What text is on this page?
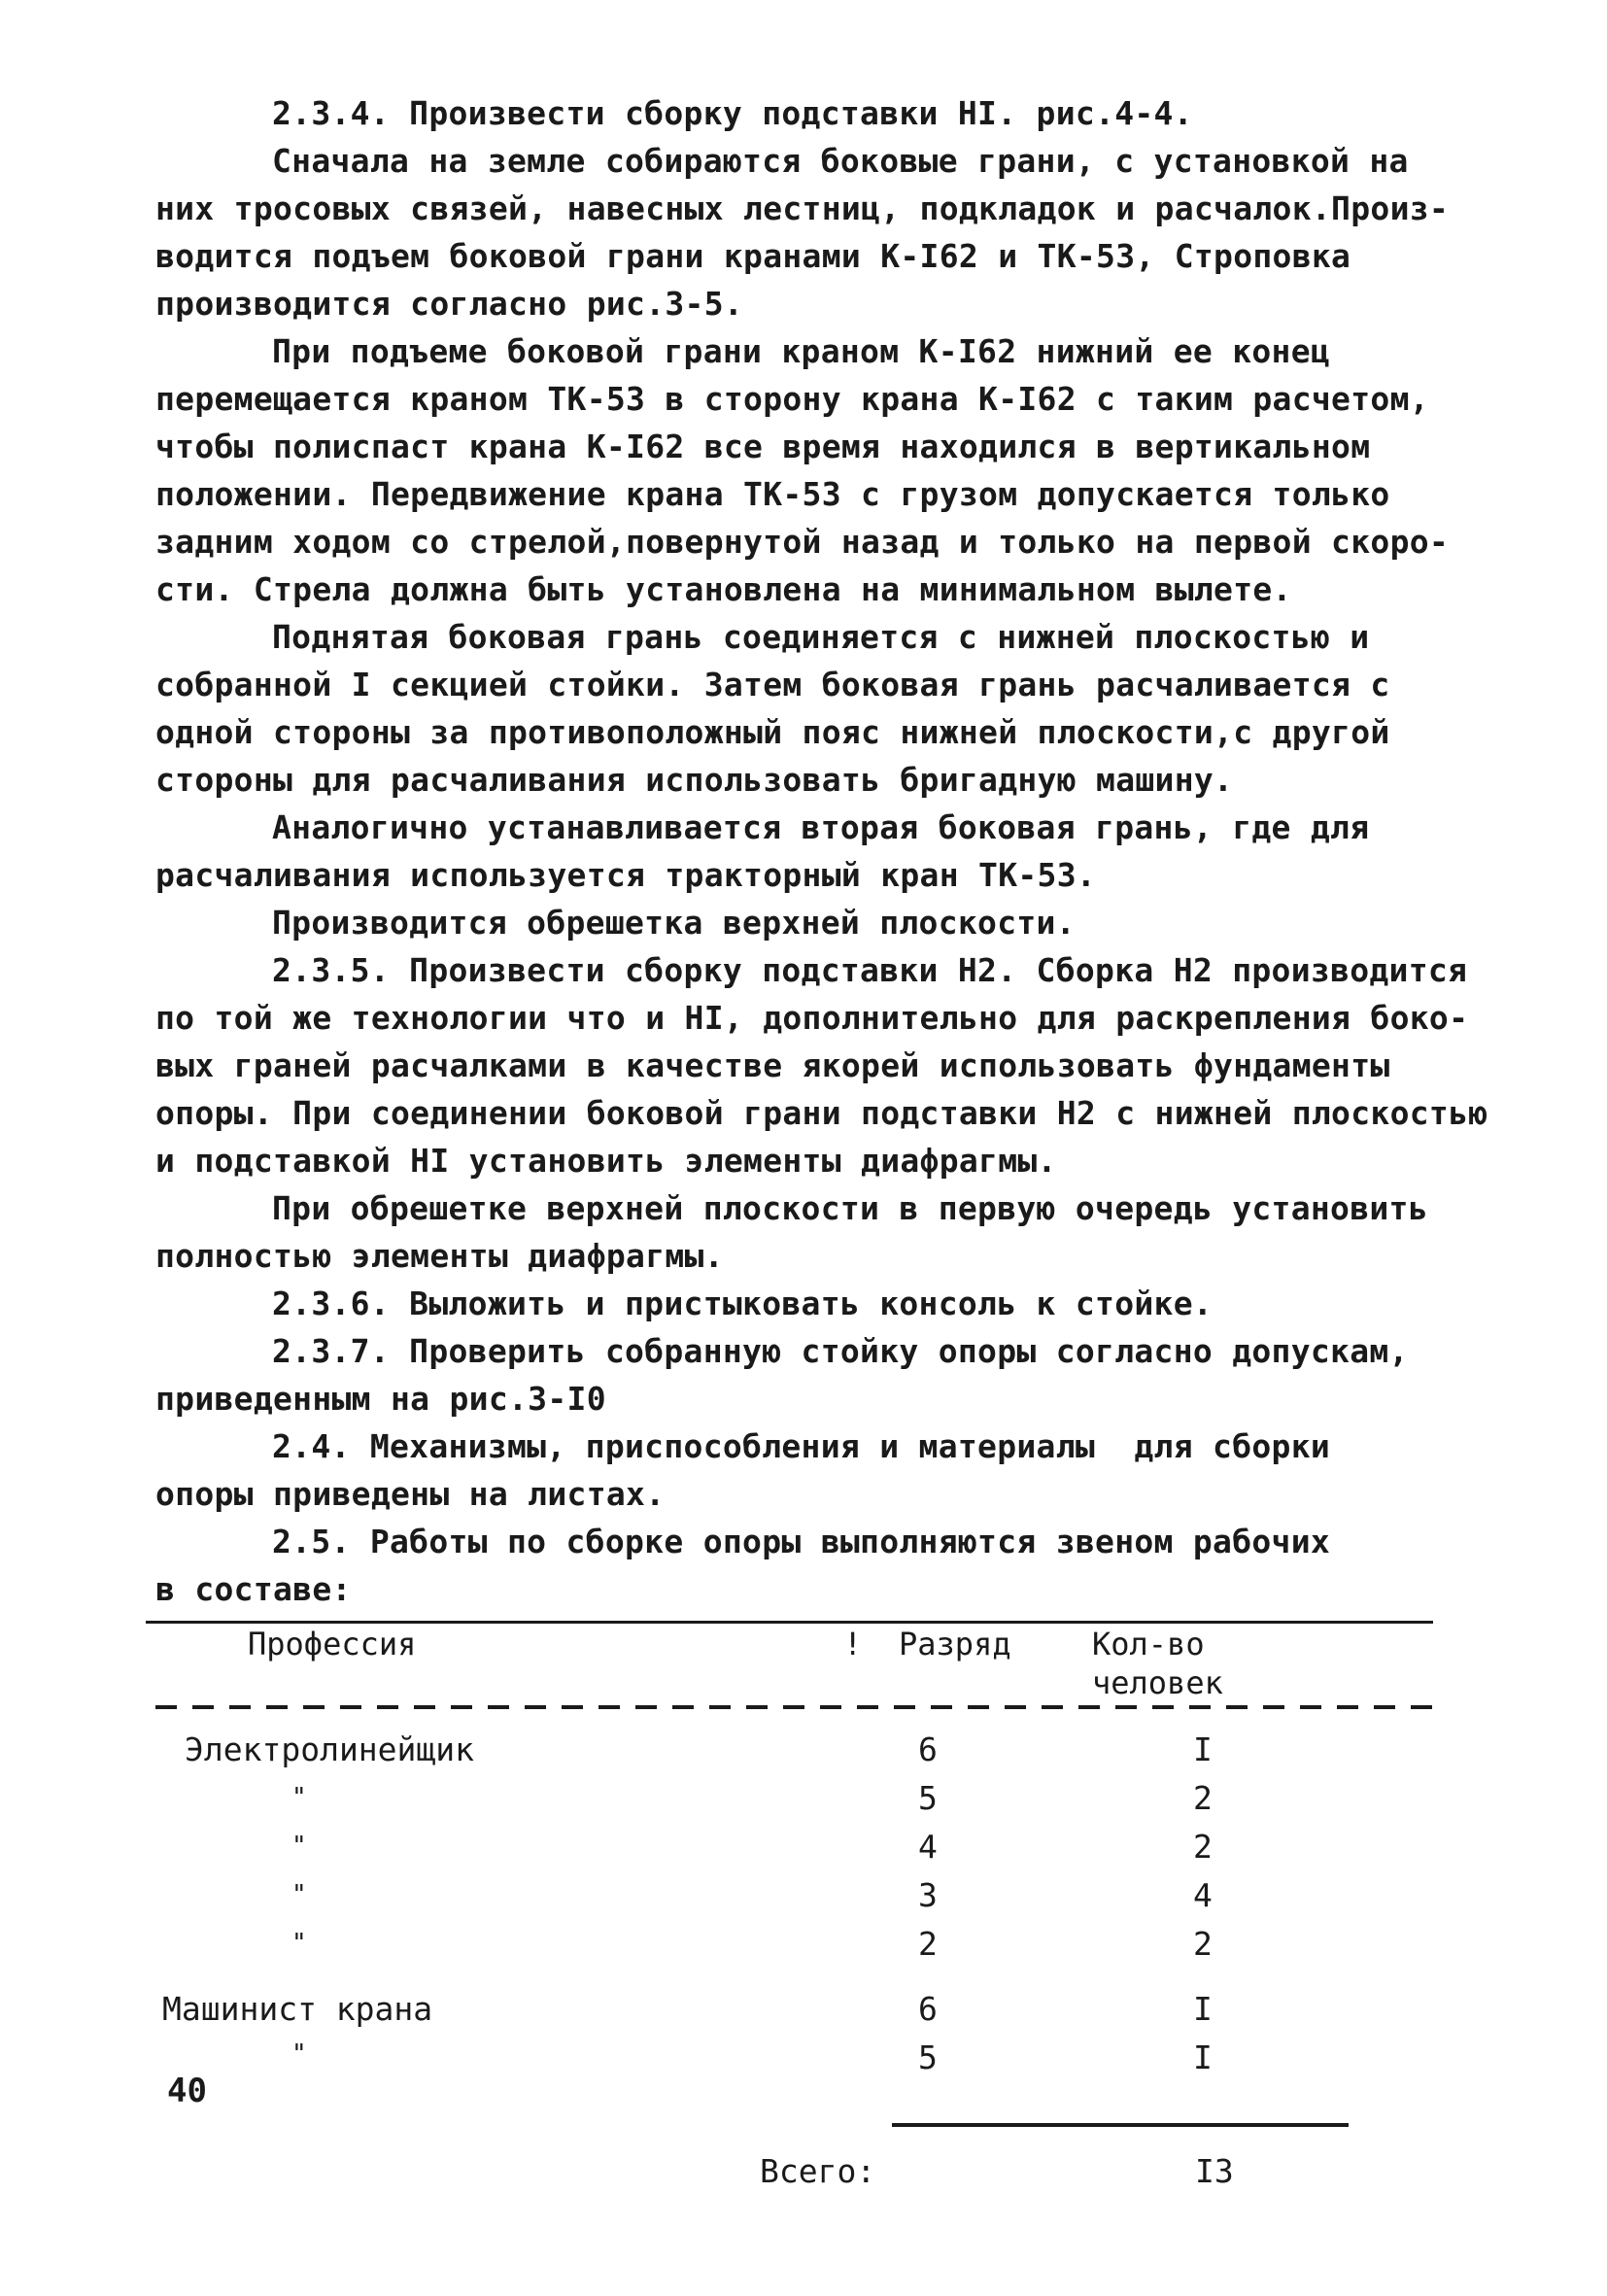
2.3.4. Произвести сборку подставки HI. рис.4-4.
Сначала на земле собираются боковые грани, с установкой на
них тросовых связей, навесных лестниц, подкладок и расчалок.Произ-
водится подъем боковой грани кранами К-I62 и ТК-53, Строповка
производится согласно рис.3-5.
При подъеме боковой грани краном К-I62 нижний ее конец
перемещается краном ТК-53 в сторону крана К-I62 с таким расчетом,
чтобы полиспаст крана К-I62 все время находился в вертикальном
положении. Передвижение крана ТК-53 с грузом допускается только
задним ходом со стрелой,повернутой назад и только на первой скоро-
сти. Стрела должна быть установлена на минимальном вылете.
Поднятая боковая грань соединяется с нижней плоскостью и
собранной I секцией стойки. Затем боковая грань расчаливается с
одной стороны за противоположный пояс нижней плоскости,с другой
стороны для расчаливания использовать бригадную машину.
Аналогично устанавливается вторая боковая грань, где для
расчаливания используется тракторный кран ТК-53.
Производится обрешетка верхней плоскости.
2.3.5. Произвести сборку подставки Н2. Сборка Н2 производится
по той же технологии что и HI, дополнительно для раскрепления боко-
вых граней расчалками в качестве якорей использовать фундаменты
опоры. При соединении боковой грани подставки Н2 с нижней плоскостью
и подставкой HI установить элементы диафрагмы.
При обрешетке верхней плоскости в первую очередь установить
полностью элементы диафрагмы.
2.3.6. Выложить и пристыковать консоль к стойке.
2.3.7. Проверить собранную стойку опоры согласно допускам,
приведенным на рис.3-I0
2.4. Механизмы, приспособления и материалы  для сборки
опоры приведены на листах.
2.5. Работы по сборке опоры выполняются звеном рабочих
в составе:
Профессия	! Разряд	Кол-во
человек
Электролинейщик	6	I
"	5	2
"	4	2
"	3	4
"	2	2
Машинист крана	6	I
"	5	I
40
Всего:	I3
